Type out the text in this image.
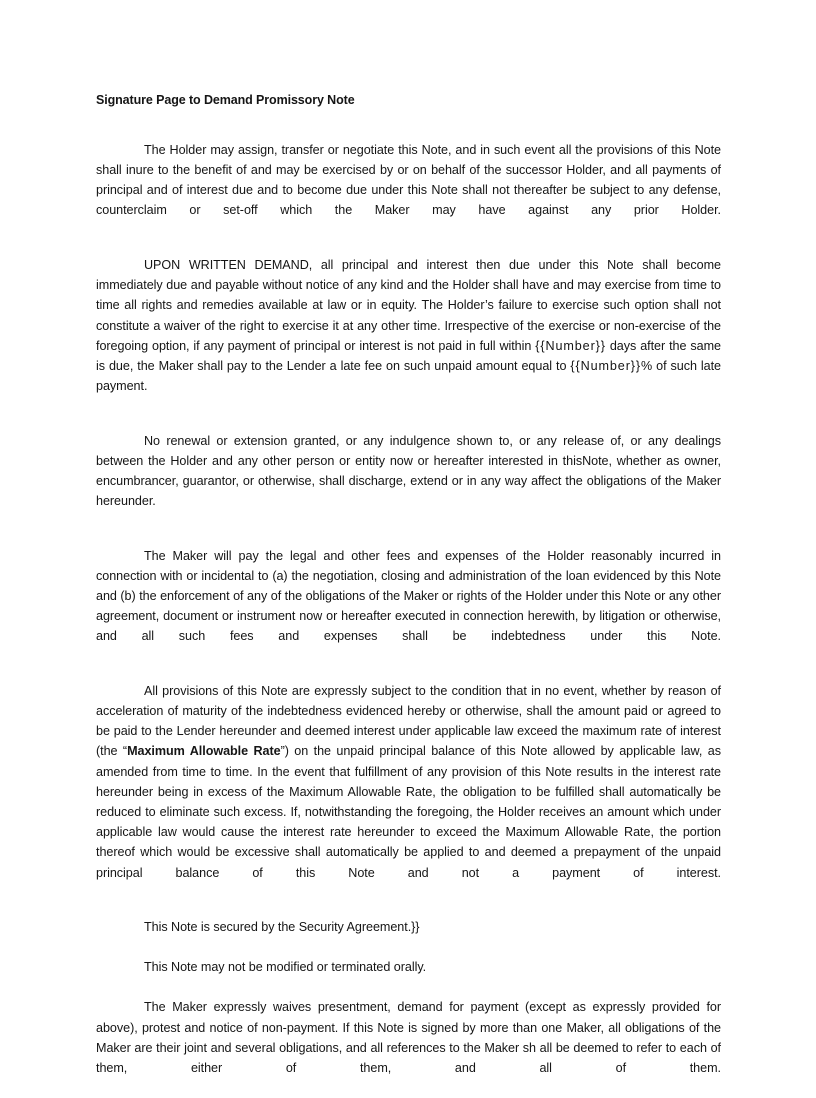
Signature Page to Demand Promissory Note

The Holder may assign, transfer or negotiate this Note, and in such event all the provisions of this Note shall inure to the benefit of and may be exercised by or on behalf of the successor Holder, and all payments of principal and of interest due and to become due under this Note shall not thereafter be subject to any defense, counterclaim or set-off which the Maker may have against any prior Holder.

UPON WRITTEN DEMAND, all principal and interest then due under this Note shall become immediately due and payable without notice of any kind and the Holder shall have and may exercise from time to time all rights and remedies available at law or in equity. The Holder’s failure to exercise such option shall not constitute a waiver of the right to exercise it at any other time. Irrespective of the exercise or non-exercise of the foregoing option, if any payment of principal or interest is not paid in full within {{Number}} days after the same is due, the Maker shall pay to the Lender a late fee on such unpaid amount equal to {{Number}}% of such late payment.

No renewal or extension granted, or any indulgence shown to, or any release of, or any dealings between the Holder and any other person or entity now or hereafter interested in thisNote, whether as owner, encumbrancer, guarantor, or otherwise, shall discharge, extend or in any way affect the obligations of the Maker hereunder.

The Maker will pay the legal and other fees and expenses of the Holder reasonably incurred in connection with or incidental to (a) the negotiation, closing and administration of the loan evidenced by this Note and (b) the enforcement of any of the obligations of the Maker or rights of the Holder under this Note or any other agreement, document or instrument now or hereafter executed in connection herewith, by litigation or otherwise, and all such fees and expenses shall be indebtedness under this Note.

All provisions of this Note are expressly subject to the condition that in no event, whether by reason of acceleration of maturity of the indebtedness evidenced hereby or otherwise, shall the amount paid or agreed to be paid to the Lender hereunder and deemed interest under applicable law exceed the maximum rate of interest (the “Maximum Allowable Rate”) on the unpaid principal balance of this Note allowed by applicable law, as amended from time to time. In the event that fulfillment of any provision of this Note results in the interest rate hereunder being in excess of the Maximum Allowable Rate, the obligation to be fulfilled shall automatically be reduced to eliminate such excess. If, notwithstanding the foregoing, the Holder receives an amount which under applicable law would cause the interest rate hereunder to exceed the Maximum Allowable Rate, the portion thereof which would be excessive shall automatically be applied to and deemed a prepayment of the unpaid principal balance of this Note and not a payment of interest.

This Note is secured by the Security Agreement.}}

This Note may not be modified or terminated orally.

The Maker expressly waives presentment, demand for payment (except as expressly provided for above), protest and notice of non-payment. If this Note is signed by more than one Maker, all obligations of the Maker are their joint and several obligations, and all references to the Maker sh all be deemed to refer to each of them, either of them, and all of them.
